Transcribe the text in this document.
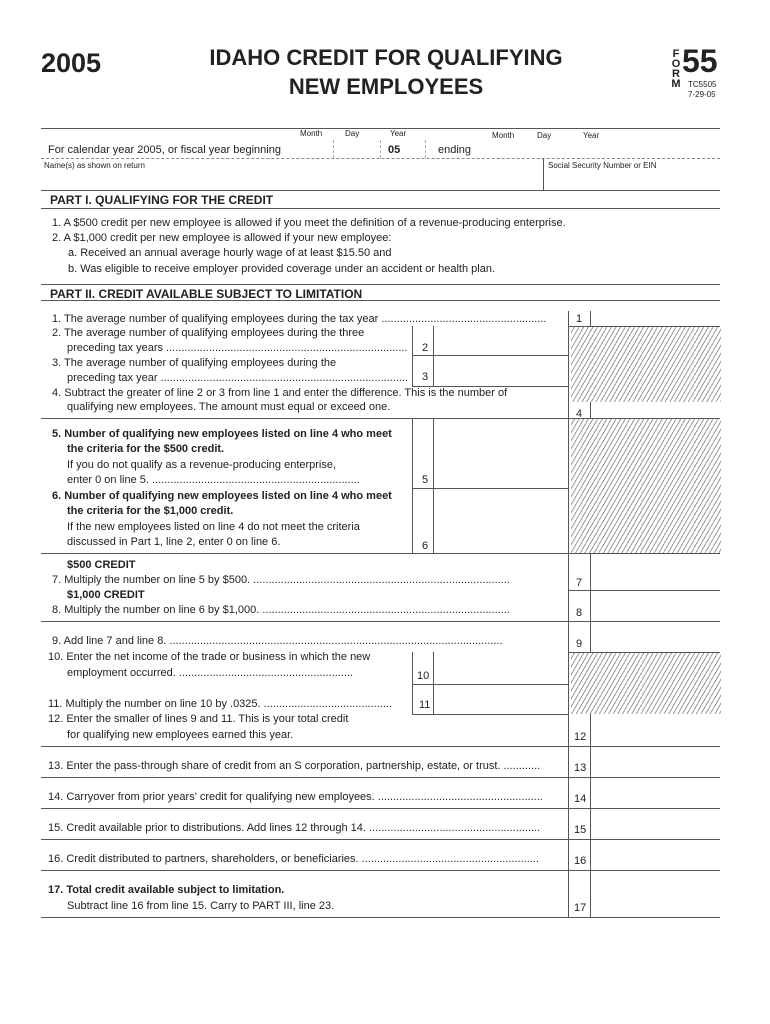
2005	IDAHO CREDIT FOR QUALIFYING
NEW EMPLOYEES
F
O
R
M
55
TC5505
7-29-05
Month	Day	Year	Month	Day	Year
For calendar year 2005, or fiscal year beginning	05	ending
Name(s) as shown on return	Social Security Number or EIN
PART I. QUALIFYING FOR THE CREDIT
1. A $500 credit per new employee is allowed if you meet the definition of a revenue-producing enterprise.
2. A $1,000 credit per new employee is allowed if your new employee:
a. Received an annual average hourly wage of at least $15.50 and
b. Was eligible to receive employer provided coverage under an accident or health plan.
PART II. CREDIT AVAILABLE SUBJECT TO LIMITATION
1. The average number of qualifying employees during the tax year ......................................................	1
2. The average number of qualifying employees during the three
preceding tax years ............................................................................... 2
3. The average number of qualifying employees during the
preceding tax year ................................................................................. 3
4. Subtract the greater of line 2 or 3 from line 1 and enter the difference. This is the number of
qualifying new employees. The amount must equal or exceed one.
4
5. Number of qualifying new employees listed on line 4 who meet
the criteria for the $500 credit.
If you do not qualify as a revenue-producing enterprise,
enter 0 on line 5. ....................................................................	5
6. Number of qualifying new employees listed on line 4 who meet
the criteria for the $1,000 credit.
If the new employees listed on line 4 do not meet the criteria
discussed in Part 1, line 2, enter 0 on line 6.	6
$500 CREDIT
7. Multiply the number on line 5 by $500. ....................................................................................	7
$1,000 CREDIT
8. Multiply the number on line 6 by $1,000. .................................................................................	8
9. Add line 7 and line 8. .............................................................................................................	9
10. Enter the net income of the trade or business in which the new
employment occurred. .........................................................	10
11. Multiply the number on line 10 by .0325. .......................................... 11
12. Enter the smaller of lines 9 and 11. This is your total credit
for qualifying new employees earned this year.	12
13. Enter the pass-through share of credit from an S corporation, partnership, estate, or trust. ............	13
14. Carryover from prior years' credit for qualifying new employees. ......................................................	14
15. Credit available prior to distributions. Add lines 12 through 14. ........................................................	15
16. Credit distributed to partners, shareholders, or beneficiaries. ..........................................................	16
17. Total credit available subject to limitation.
Subtract line 16 from line 15. Carry to PART III, line 23.	17
